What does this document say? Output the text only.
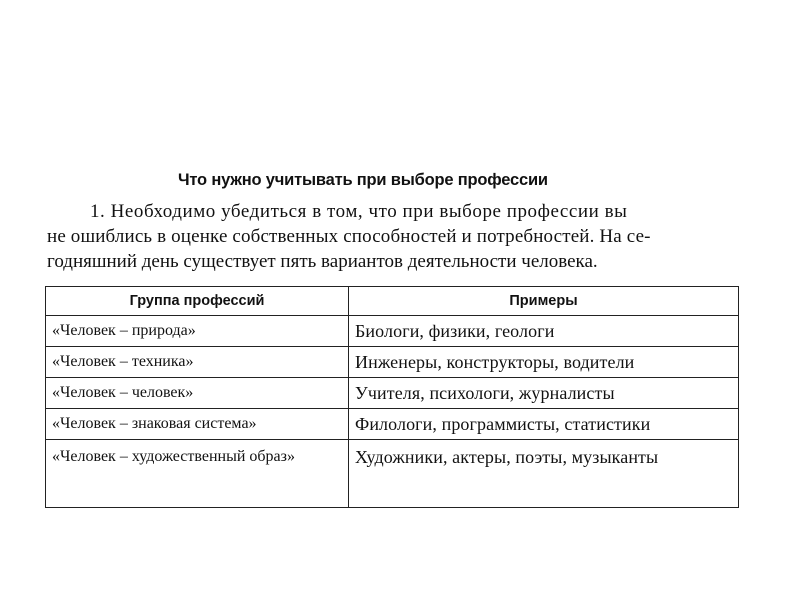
Что нужно учитывать при выборе профессии
1. Необходимо убедиться в том, что при выборе профессии вы
не ошиблись в оценке собственных способностей и потребностей. На се-
годняшний день существует пять вариантов деятельности человека.
Группа профессий	Примеры
«Человек – природа»	Биологи, физики, геологи
«Человек – техника»	Инженеры, конструкторы, водители
«Человек – человек»	Учителя, психологи, журналисты
«Человек – знаковая система»	Филологи, программисты, статистики
«Человек – художественный образ»	Художники, актеры, поэты, музыканты
